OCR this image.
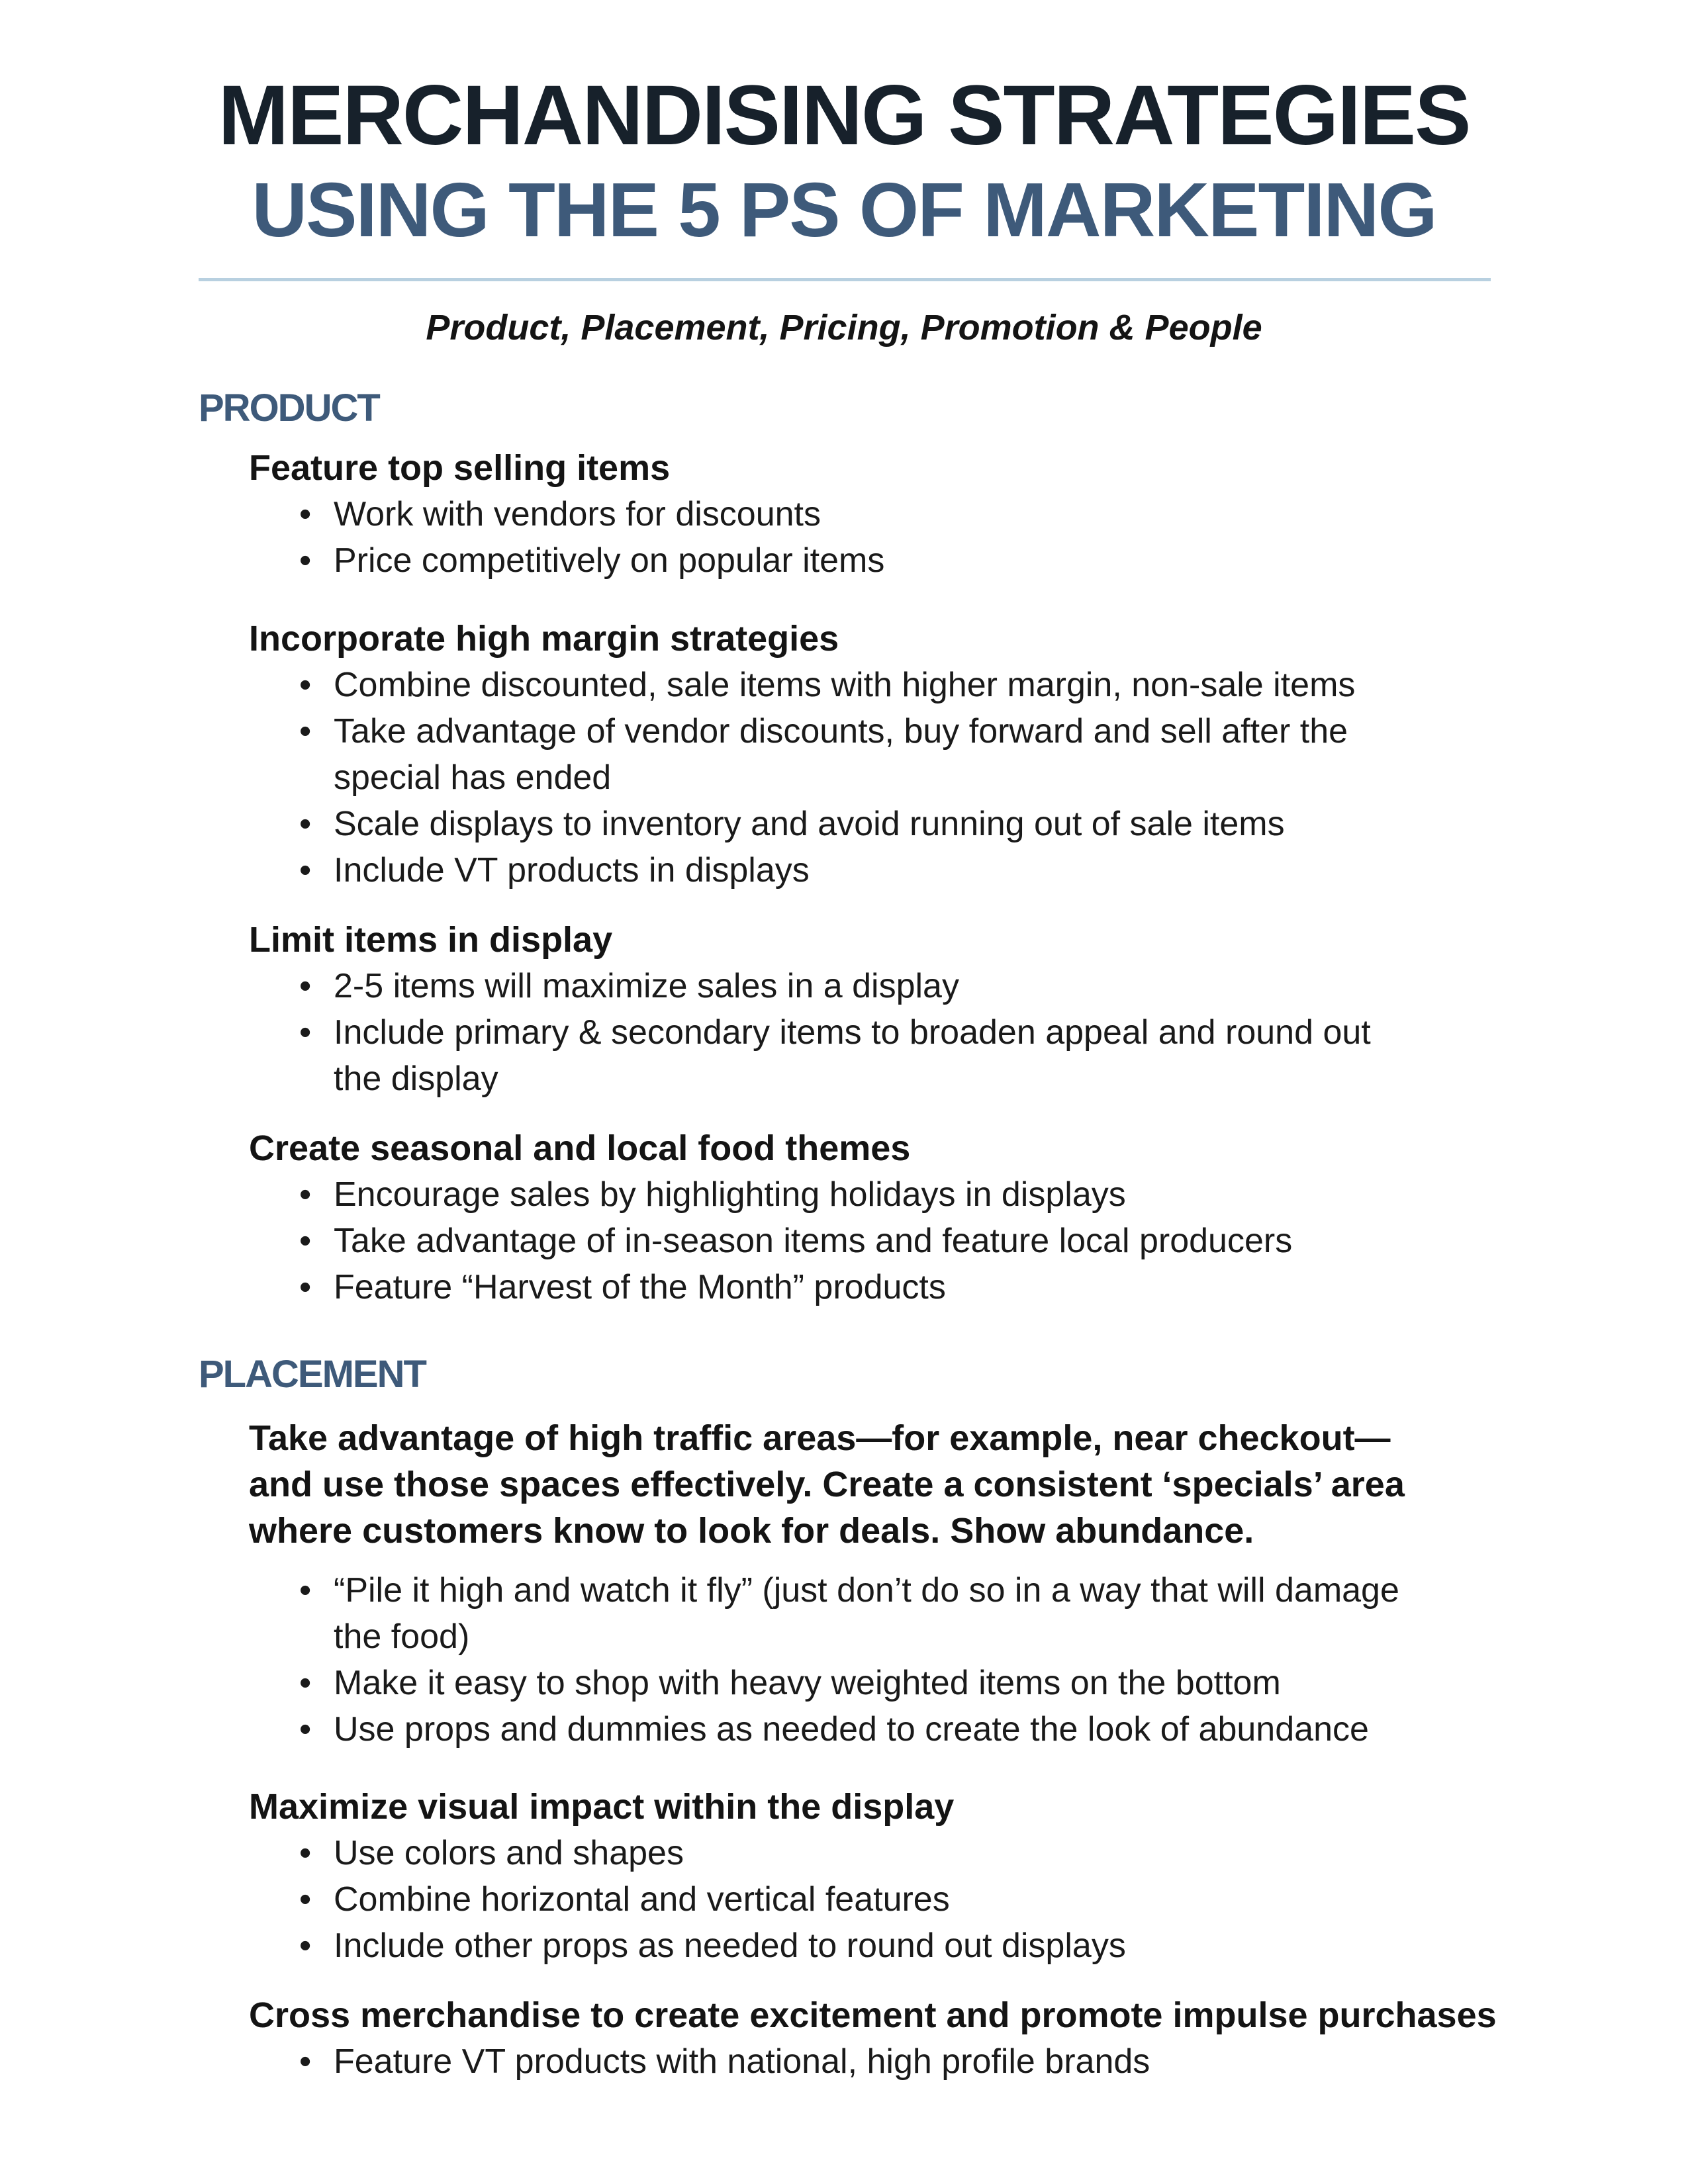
MERCHANDISING STRATEGIES
USING THE 5 PS OF MARKETING
Product, Placement, Pricing, Promotion & People
PRODUCT

Feature top selling items

• Work with vendors for discounts
• Price competitively on popular items

Incorporate high margin strategies

• Combine discounted, sale items with higher margin, non-sale items
• Take advantage of vendor discounts, buy forward and sell after the
special has ended
• Scale displays to inventory and avoid running out of sale items
• Include VT products in displays

Limit items in display

• 2-5 items will maximize sales in a display
• Include primary & secondary items to broaden appeal and round out
the display

Create seasonal and local food themes

• Encourage sales by highlighting holidays in displays
• Take advantage of in-season items and feature local producers
• Feature “Harvest of the Month” products
PLACEMENT

Take advantage of high traffic areas—for example, near checkout—
and use those spaces effectively. Create a consistent ‘specials’ area
where customers know to look for deals. Show abundance.

• “Pile it high and watch it fly” (just don’t do so in a way that will damage
the food)
• Make it easy to shop with heavy weighted items on the bottom
• Use props and dummies as needed to create the look of abundance

Maximize visual impact within the display

• Use colors and shapes
• Combine horizontal and vertical features
• Include other props as needed to round out displays

Cross merchandise to create excitement and promote impulse purchases

• Feature VT products with national, high profile brands
